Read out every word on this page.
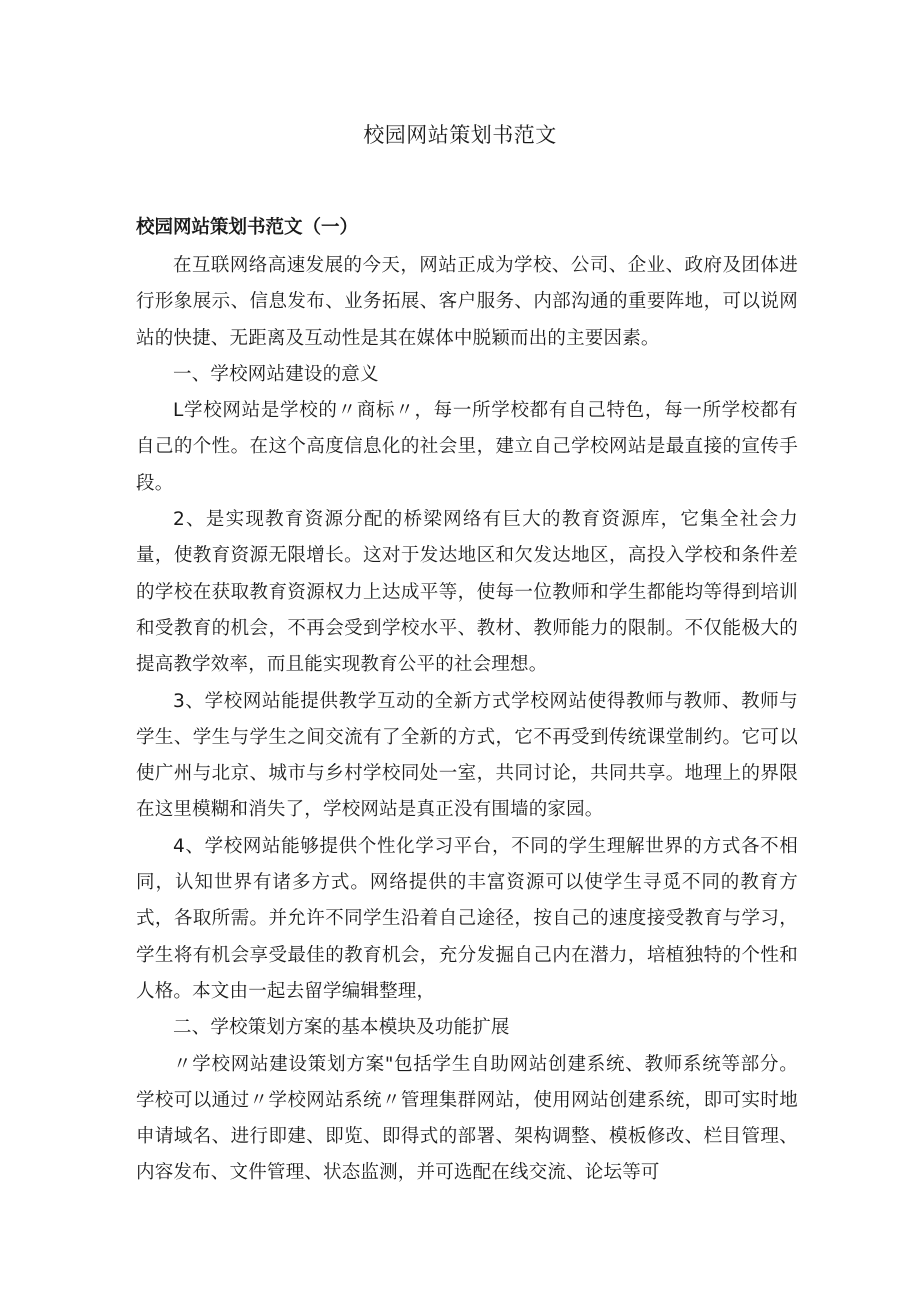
校园网站策划书范文
校园网站策划书范文（一）

在互联网络高速发展的今天，网站正成为学校、公司、企业、政府及团体进行形象展示、信息发布、业务拓展、客户服务、内部沟通的重要阵地，可以说网站的快捷、无距离及互动性是其在媒体中脱颖而出的主要因素。

一、学校网站建设的意义

L学校网站是学校的〃商标〃，每一所学校都有自己特色，每一所学校都有自己的个性。在这个高度信息化的社会里，建立自己学校网站是最直接的宣传手段。

2、是实现教育资源分配的桥梁网络有巨大的教育资源库，它集全社会力量，使教育资源无限增长。这对于发达地区和欠发达地区，高投入学校和条件差的学校在获取教育资源权力上达成平等，使每一位教师和学生都能均等得到培训和受教育的机会，不再会受到学校水平、教材、教师能力的限制。不仅能极大的提高教学效率，而且能实现教育公平的社会理想。

3、学校网站能提供教学互动的全新方式学校网站使得教师与教师、教师与学生、学生与学生之间交流有了全新的方式，它不再受到传统课堂制约。它可以使广州与北京、城市与乡村学校同处一室，共同讨论，共同共享。地理上的界限在这里模糊和消失了，学校网站是真正没有围墙的家园。

4、学校网站能够提供个性化学习平台，不同的学生理解世界的方式各不相同，认知世界有诸多方式。网络提供的丰富资源可以使学生寻觅不同的教育方式，各取所需。并允许不同学生沿着自己途径，按自己的速度接受教育与学习，学生将有机会享受最佳的教育机会，充分发掘自己内在潜力，培植独特的个性和人格。本文由一起去留学编辑整理，

二、学校策划方案的基本模块及功能扩展

〃学校网站建设策划方案"包括学生自助网站创建系统、教师系统等部分。学校可以通过〃学校网站系统〃管理集群网站，使用网站创建系统，即可实时地申请域名、进行即建、即览、即得式的部署、架构调整、模板修改、栏目管理、内容发布、文件管理、状态监测，并可选配在线交流、论坛等可
